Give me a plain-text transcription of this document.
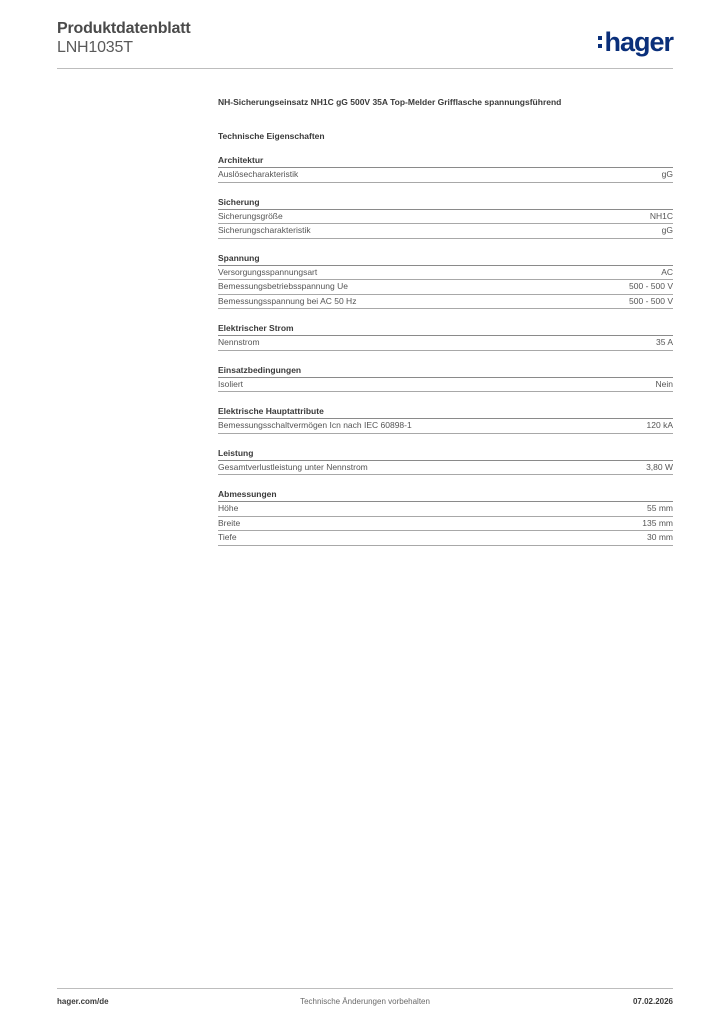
Produktdatenblatt
LNH1035T	hager
NH-Sicherungseinsatz NH1C gG 500V 35A Top-Melder Grifflasche spannungsführend
Technische Eigenschaften
Architektur
Auslösecharakteristik	gG
Sicherung
Sicherungsgröße	NH1C
Sicherungscharakteristik	gG
Spannung
Versorgungsspannungsart	AC
Bemessungsbetriebsspannung Ue	500 - 500 V
Bemessungsspannung bei AC 50 Hz	500 - 500 V
Elektrischer Strom
Nennstrom	35 A
Einsatzbedingungen
Isoliert	Nein
Elektrische Hauptattribute
Bemessungsschaltvermögen Icn nach IEC 60898-1	120 kA
Leistung
Gesamtverlustleistung unter Nennstrom	3,80 W
Abmessungen
Höhe	55 mm
Breite	135 mm
Tiefe	30 mm
hager.com/de	Technische Änderungen vorbehalten	07.02.2026
